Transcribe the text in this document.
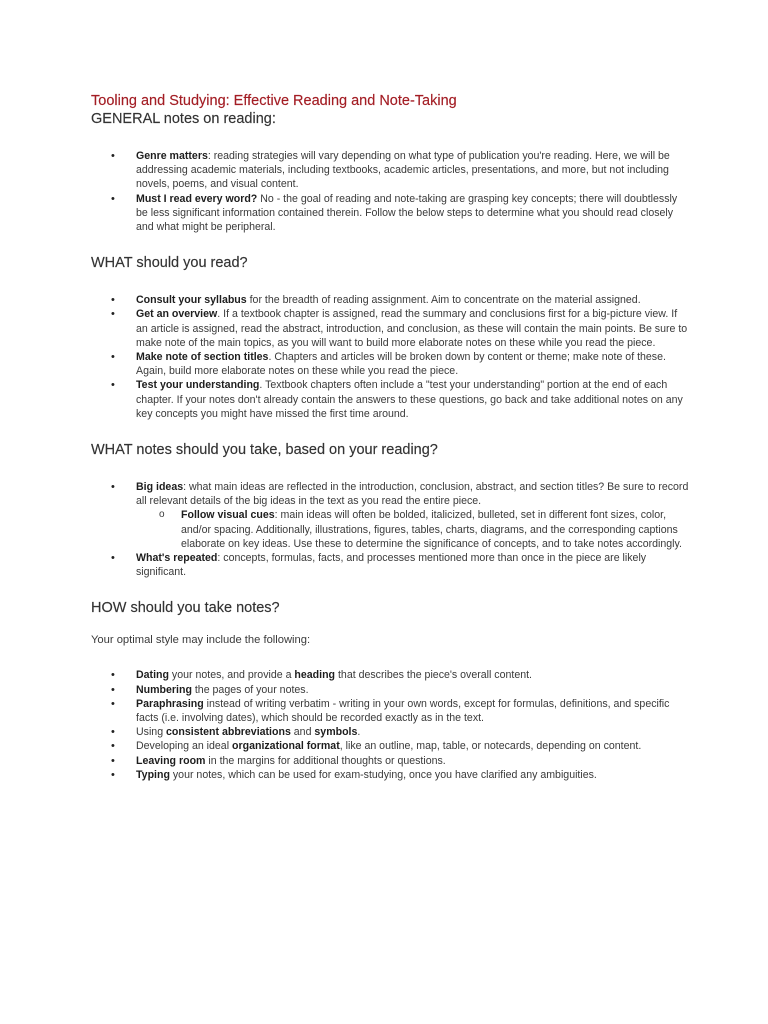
Tooling and Studying: Effective Reading and Note-Taking
GENERAL notes on reading:
• Genre matters: reading strategies will vary depending on what type of publication you're reading. Here, we will be addressing academic materials, including textbooks, academic articles, presentations, and more, but not including novels, poems, and visual content.
• Must I read every word? No - the goal of reading and note-taking are grasping key concepts; there will doubtlessly be less significant information contained therein. Follow the below steps to determine what you should read closely and what might be peripheral.
WHAT should you read?
• Consult your syllabus for the breadth of reading assignment. Aim to concentrate on the material assigned.
• Get an overview. If a textbook chapter is assigned, read the summary and conclusions first for a big-picture view. If an article is assigned, read the abstract, introduction, and conclusion, as these will contain the main points. Be sure to make note of the main topics, as you will want to build more elaborate notes on these while you read the piece.
• Make note of section titles. Chapters and articles will be broken down by content or theme; make note of these. Again, build more elaborate notes on these while you read the piece.
• Test your understanding. Textbook chapters often include a "test your understanding" portion at the end of each chapter. If your notes don't already contain the answers to these questions, go back and take additional notes on any key concepts you might have missed the first time around.
WHAT notes should you take, based on your reading?
• Big ideas: what main ideas are reflected in the introduction, conclusion, abstract, and section titles? Be sure to record all relevant details of the big ideas in the text as you read the entire piece.
o Follow visual cues: main ideas will often be bolded, italicized, bulleted, set in different font sizes, color, and/or spacing. Additionally, illustrations, figures, tables, charts, diagrams, and the corresponding captions elaborate on key ideas. Use these to determine the significance of concepts, and to take notes accordingly.
• What's repeated: concepts, formulas, facts, and processes mentioned more than once in the piece are likely significant.
HOW should you take notes?

Your optimal style may include the following:

• Dating your notes, and provide a heading that describes the piece's overall content.
• Numbering the pages of your notes.
• Paraphrasing instead of writing verbatim - writing in your own words, except for formulas, definitions, and specific facts (i.e. involving dates), which should be recorded exactly as in the text.
• Using consistent abbreviations and symbols.
• Developing an ideal organizational format, like an outline, map, table, or notecards, depending on content.
• Leaving room in the margins for additional thoughts or questions.
• Typing your notes, which can be used for exam-studying, once you have clarified any ambiguities.
